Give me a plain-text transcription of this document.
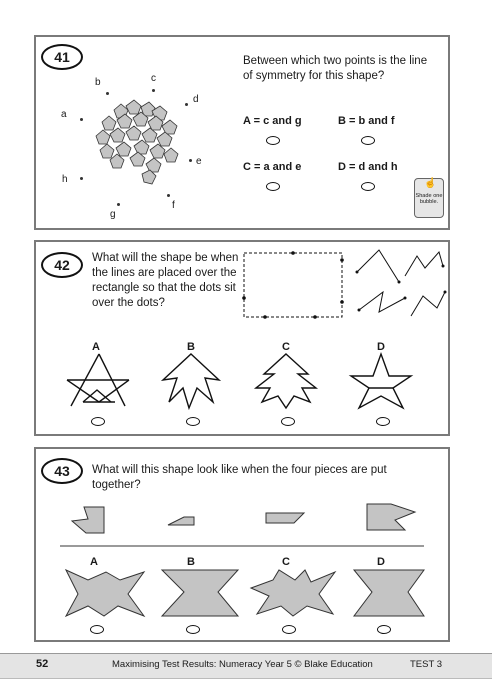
41	Between which two points is the line of symmetry for this shape?
b	c
d
a
e
h
f
g
A = c and g	B = b and f
C = a and e	D = d and h
☝
Shade one bubble.
42	What will the shape be when the lines are placed over the rectangle so that the dots sit over the dots?
A	B	C	D
43	What will this shape look like when the four pieces are put together?
A	B	C	D
52	Maximising Test Results: Numeracy Year 5 © Blake Education	TEST 3
